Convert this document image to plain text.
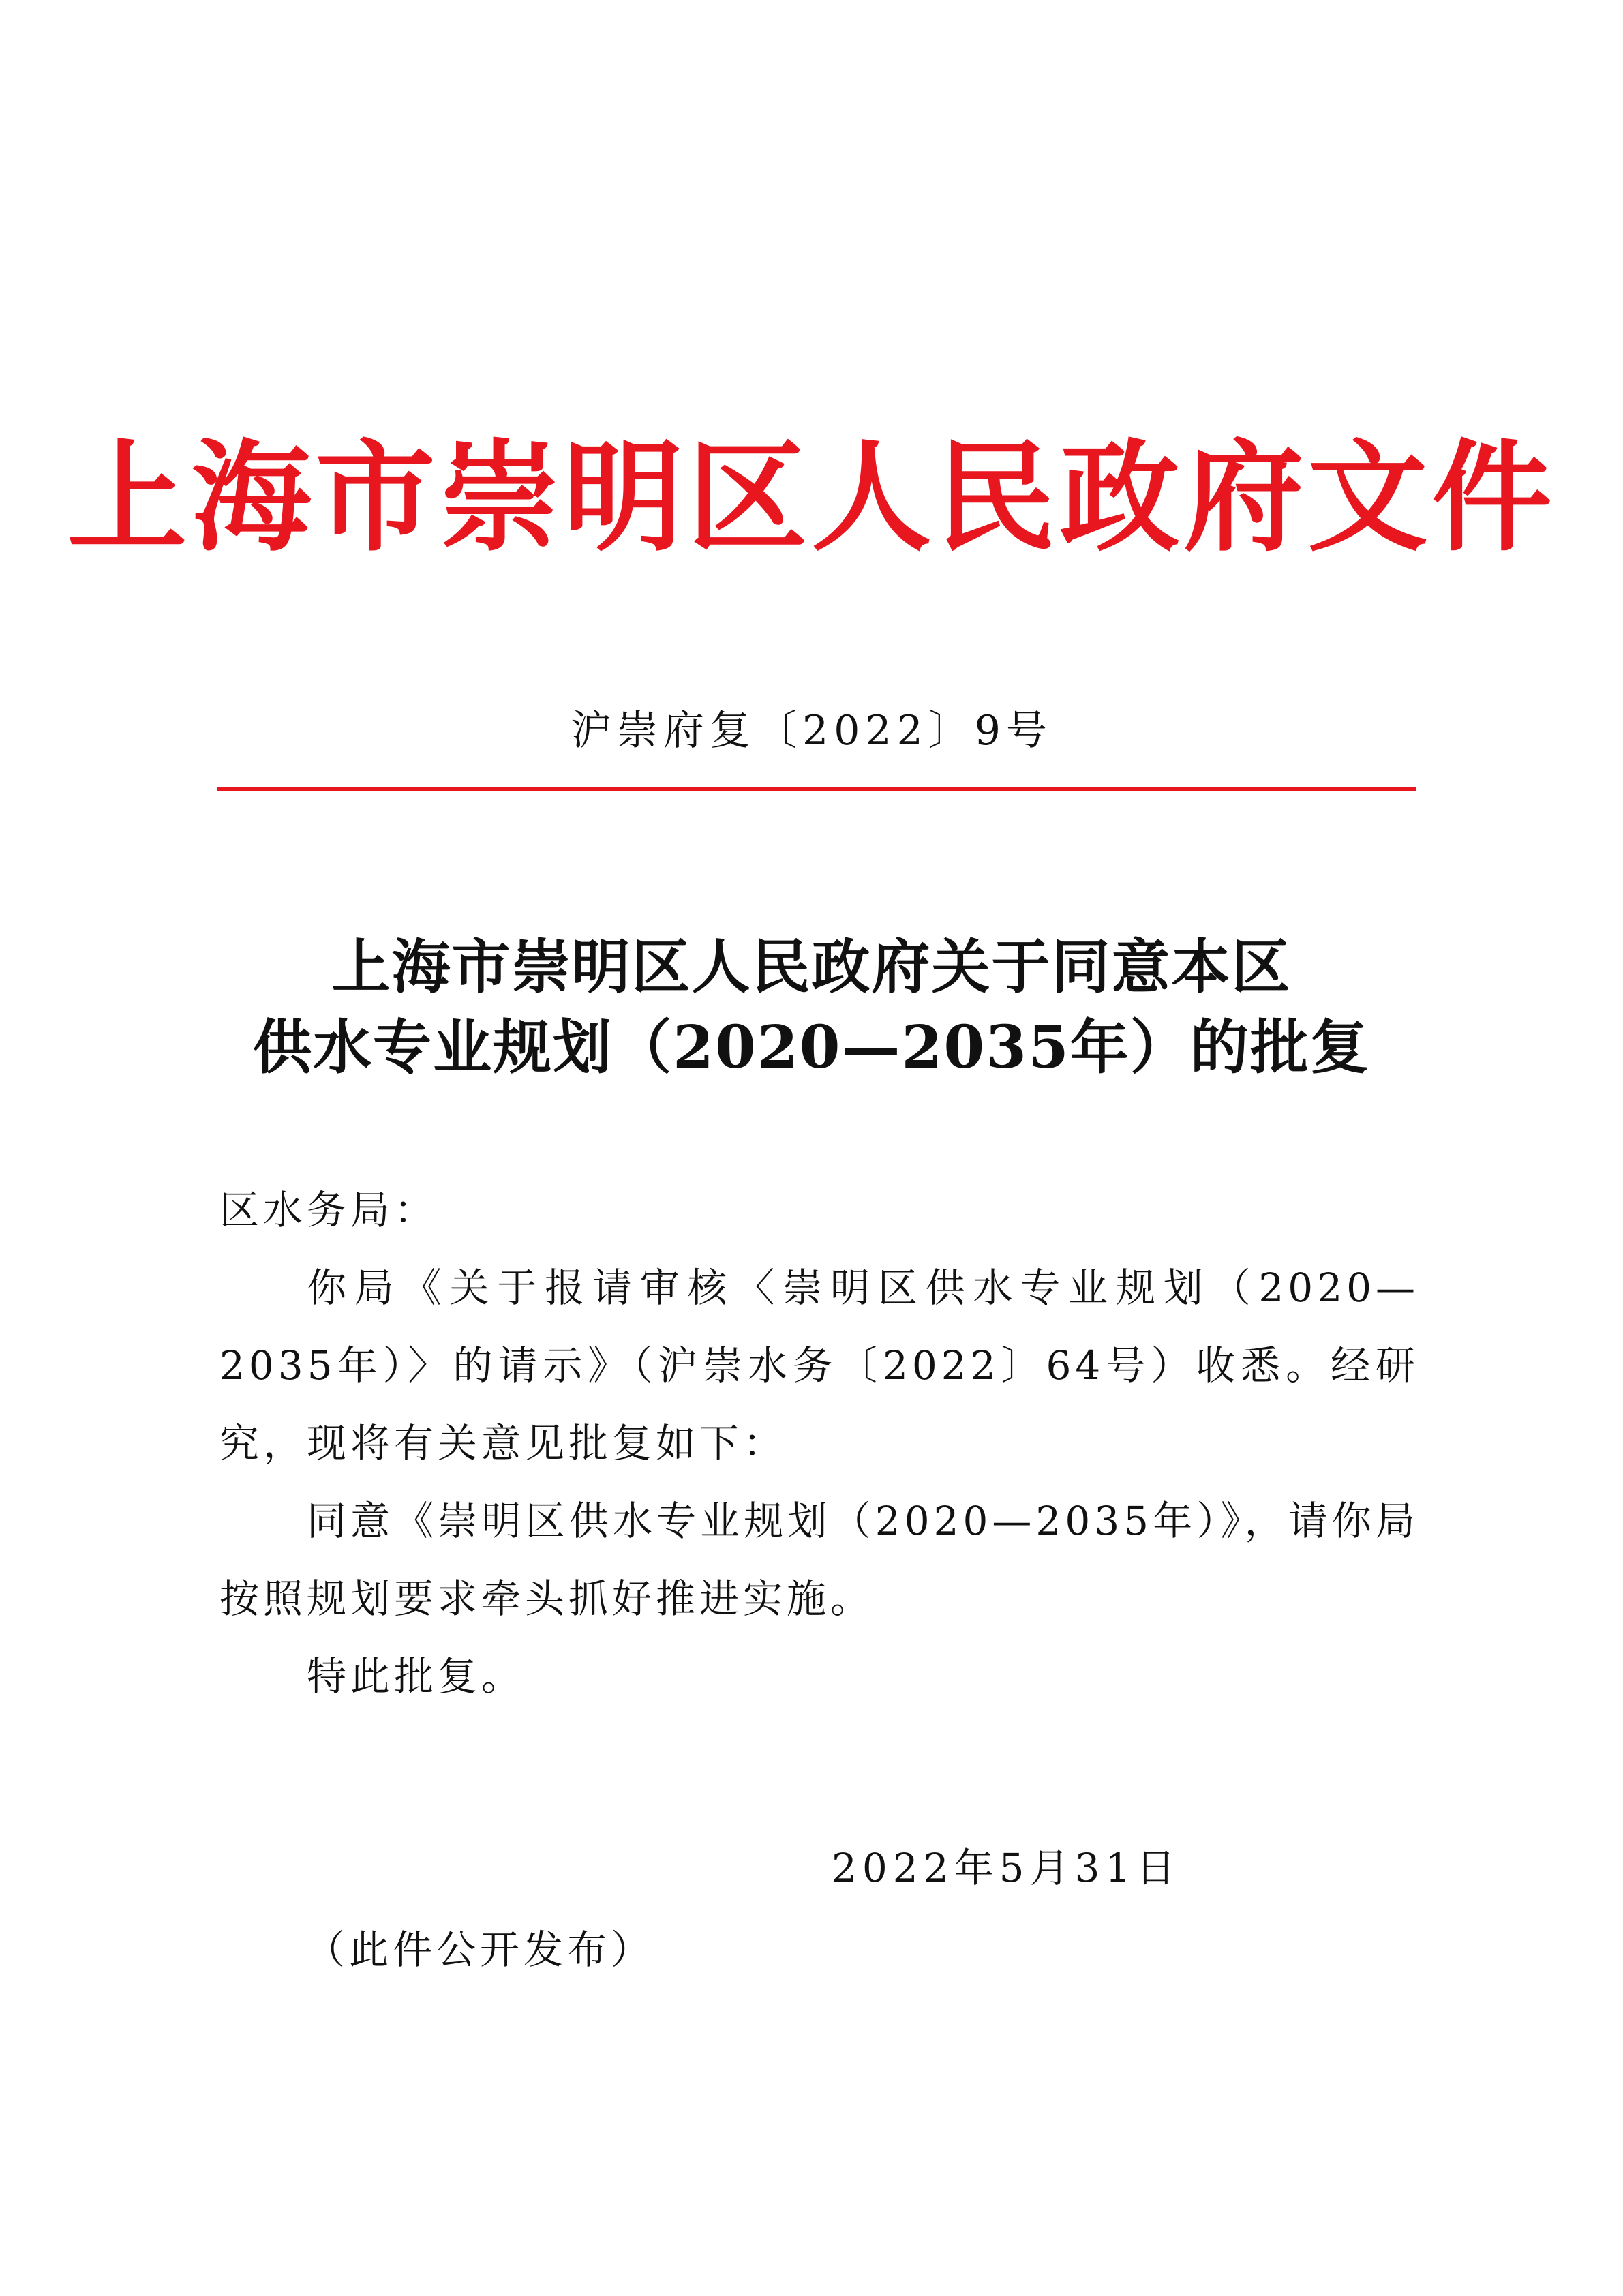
上海市崇明区人民政府文件
沪崇府复〔2022〕9号
上海市崇明区人民政府关于同意本区
供水专业规划（2020—2035年）的批复

区水务局：

你局《关于报请审核〈崇明区供水专业规划（2020—2035年）〉的请示》（沪崇水务〔2022〕64号）收悉。经研究，现将有关意见批复如下：

同意《崇明区供水专业规划（2020—2035年）》，请你局按照规划要求牵头抓好推进实施。

特此批复。

2022年5月31日
（此件公开发布）
